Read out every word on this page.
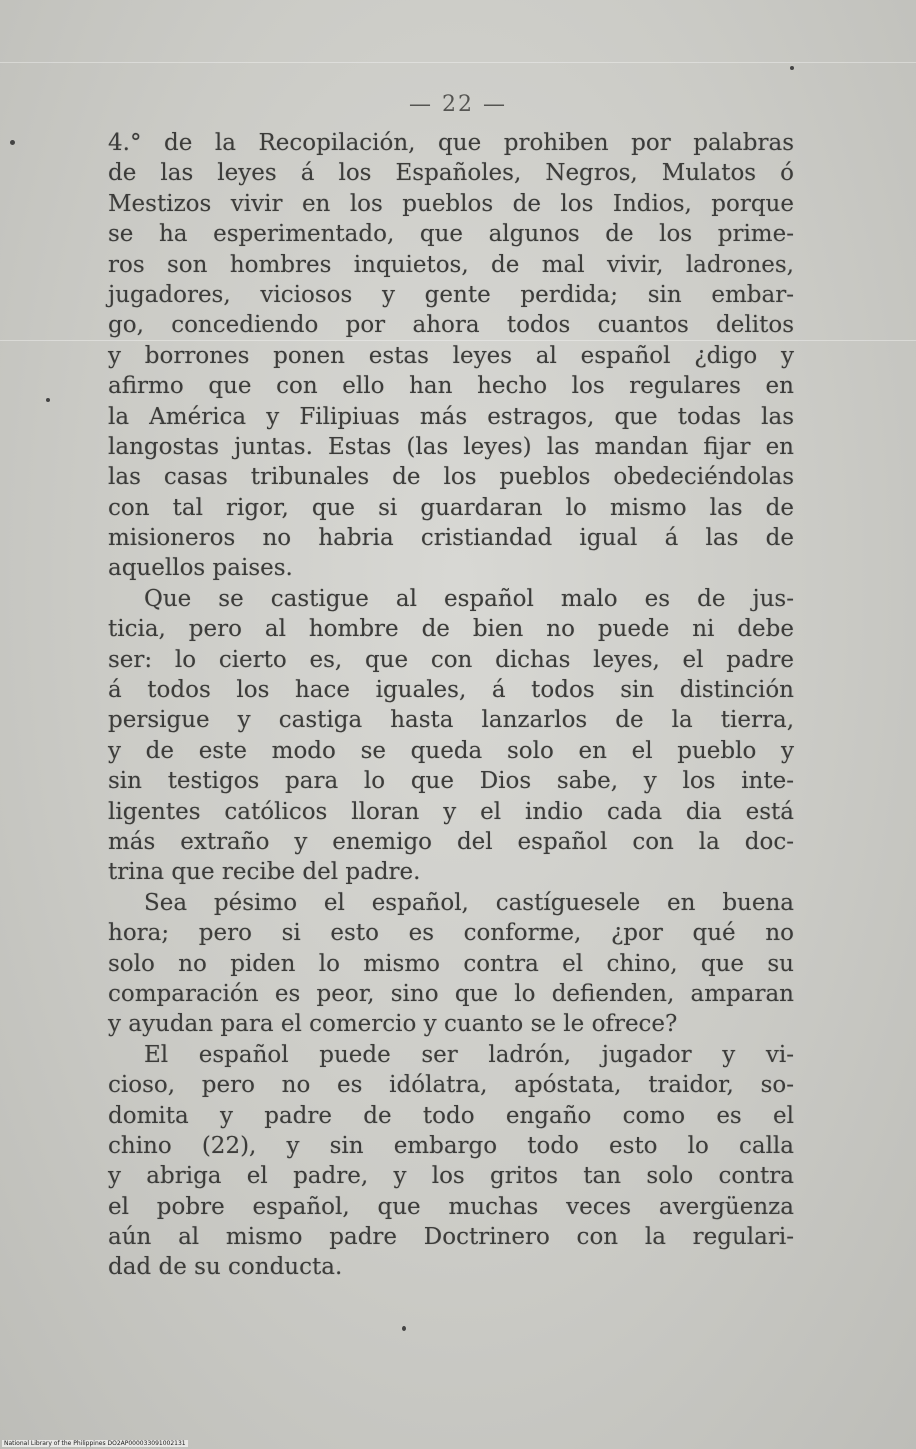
— 22 —
4.° de la Recopilación, que prohiben por palabras
de las leyes á los Españoles, Negros, Mulatos ó
Mestizos vivir en los pueblos de los Indios, porque
se ha esperimentado, que algunos de los prime-
ros son hombres inquietos, de mal vivir, ladrones,
jugadores, viciosos y gente perdida; sin embar-
go, concediendo por ahora todos cuantos delitos
y borrones ponen estas leyes al español ¿digo y
afirmo que con ello han hecho los regulares en
la América y Filipiuas más estragos, que todas las
langostas juntas. Estas (las leyes) las mandan fijar en
las casas tribunales de los pueblos obedeciéndolas
con tal rigor, que si guardaran lo mismo las de
misioneros no habria cristiandad igual á las de
aquellos paises.
Que se castigue al español malo es de jus-
ticia, pero al hombre de bien no puede ni debe
ser: lo cierto es, que con dichas leyes, el padre
á todos los hace iguales, á todos sin distinción
persigue y castiga hasta lanzarlos de la tierra,
y de este modo se queda solo en el pueblo y
sin testigos para lo que Dios sabe, y los inte-
ligentes católicos lloran y el indio cada dia está
más extraño y enemigo del español con la doc-
trina que recibe del padre.
Sea pésimo el español, castíguesele en buena
hora; pero si esto es conforme, ¿por qué no
solo no piden lo mismo contra el chino, que su
comparación es peor, sino que lo defienden, amparan
y ayudan para el comercio y cuanto se le ofrece?
El español puede ser ladrón, jugador y vi-
cioso, pero no es idólatra, apóstata, traidor, so-
domita y padre de todo engaño como es el
chino (22), y sin embargo todo esto lo calla
y abriga el padre, y los gritos tan solo contra
el pobre español, que muchas veces avergüenza
aún al mismo padre Doctrinero con la regulari-
dad de su conducta.
National Library of the Philippines DO2AP000033091002131
